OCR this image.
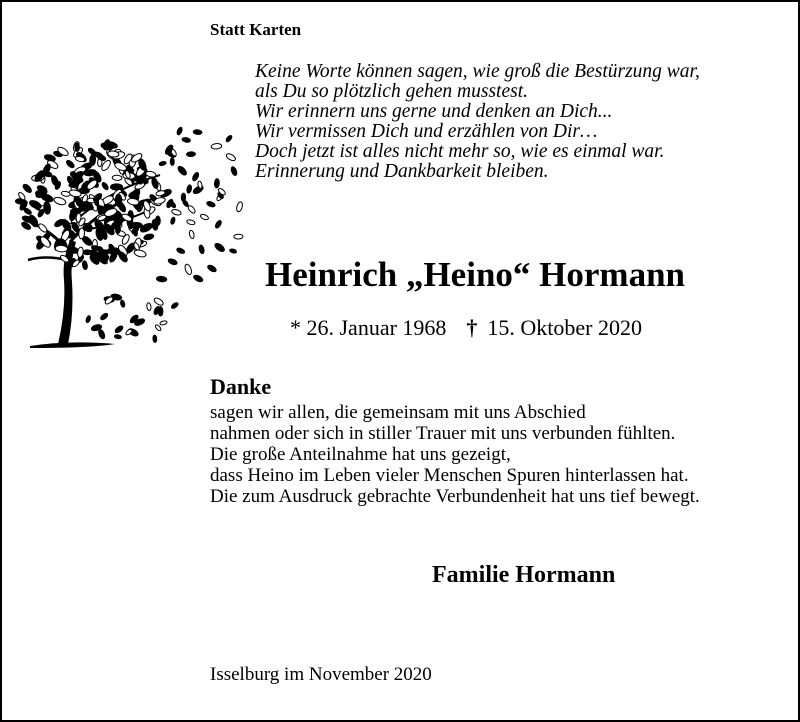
Statt Karten
Keine Worte können sagen, wie groß die Bestürzung war,
als Du so plötzlich gehen musstest.
Wir erinnern uns gerne und denken an Dich...
Wir vermissen Dich und erzählen von Dir…
Doch jetzt ist alles nicht mehr so, wie es einmal war.
Erinnerung und Dankbarkeit bleiben.
Heinrich „Heino“ Hormann
* 26. Januar 1968 † 15. Oktober 2020
Danke
sagen wir allen, die gemeinsam mit uns Abschied
nahmen oder sich in stiller Trauer mit uns verbunden fühlten.
Die große Anteilnahme hat uns gezeigt,
dass Heino im Leben vieler Menschen Spuren hinterlassen hat.
Die zum Ausdruck gebrachte Verbundenheit hat uns tief bewegt.
Familie Hormann
Isselburg im November 2020
